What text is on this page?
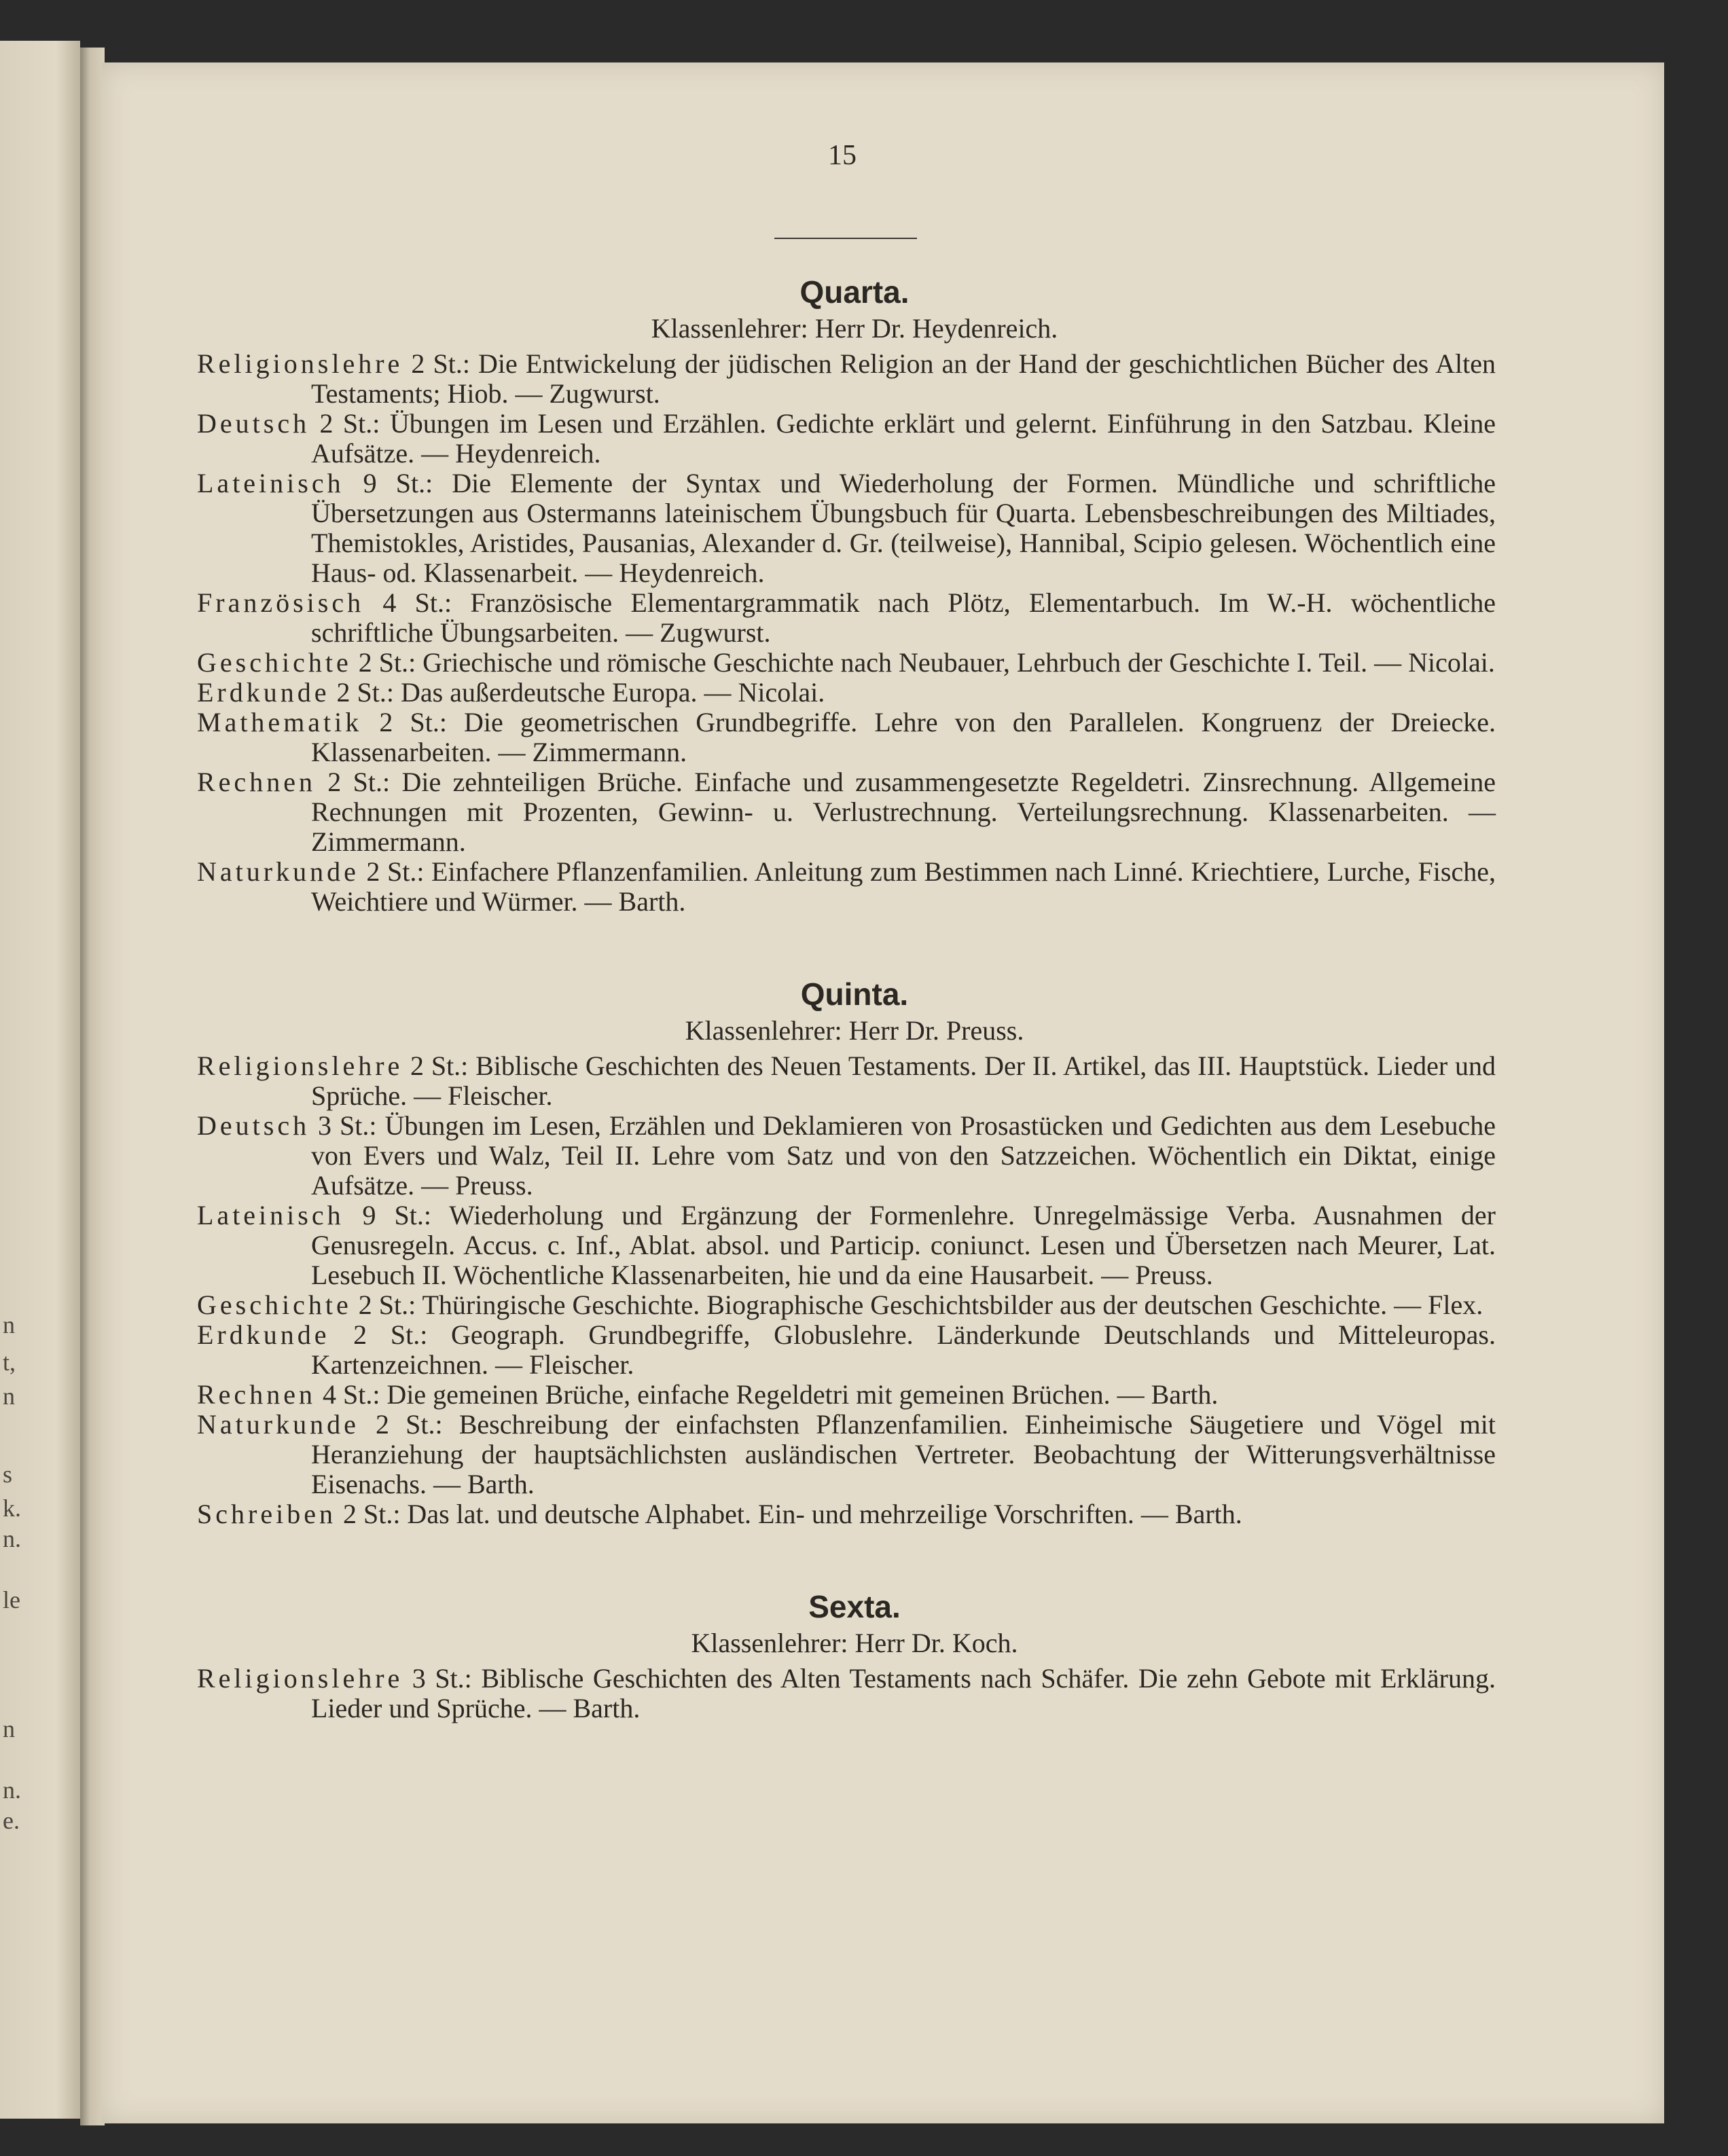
n
t,
n
s
k.
n.
le
n
n.
e.
15
Quarta.

Klassenlehrer: Herr Dr. Heydenreich.

Religionslehre 2 St.: Die Entwickelung der jüdischen Religion an der Hand der geschichtlichen Bücher des Alten Testaments; Hiob. — Zugwurst.

Deutsch 2 St.: Übungen im Lesen und Erzählen. Gedichte erklärt und gelernt. Einführung in den Satzbau. Kleine Aufsätze. — Heydenreich.

Lateinisch 9 St.: Die Elemente der Syntax und Wiederholung der Formen. Mündliche und schriftliche Übersetzungen aus Ostermanns lateinischem Übungsbuch für Quarta. Lebensbeschreibungen des Miltiades, Themistokles, Aristides, Pausanias, Alexander d. Gr. (teilweise), Hannibal, Scipio gelesen. Wöchentlich eine Haus- od. Klassenarbeit. — Heydenreich.

Französisch 4 St.: Französische Elementargrammatik nach Plötz, Elementarbuch. Im W.-H. wöchentliche schriftliche Übungsarbeiten. — Zugwurst.

Geschichte 2 St.: Griechische und römische Geschichte nach Neubauer, Lehrbuch der Geschichte I. Teil. — Nicolai.

Erdkunde 2 St.: Das außerdeutsche Europa. — Nicolai.

Mathematik 2 St.: Die geometrischen Grundbegriffe. Lehre von den Parallelen. Kongruenz der Dreiecke. Klassenarbeiten. — Zimmermann.

Rechnen 2 St.: Die zehnteiligen Brüche. Einfache und zusammengesetzte Regeldetri. Zinsrechnung. Allgemeine Rechnungen mit Prozenten, Gewinn- u. Verlustrechnung. Verteilungsrechnung. Klassenarbeiten. — Zimmermann.

Naturkunde 2 St.: Einfachere Pflanzenfamilien. Anleitung zum Bestimmen nach Linné. Kriechtiere, Lurche, Fische, Weichtiere und Würmer. — Barth.

Quinta.

Klassenlehrer: Herr Dr. Preuss.

Religionslehre 2 St.: Biblische Geschichten des Neuen Testaments. Der II. Artikel, das III. Hauptstück. Lieder und Sprüche. — Fleischer.

Deutsch 3 St.: Übungen im Lesen, Erzählen und Deklamieren von Prosastücken und Gedichten aus dem Lesebuche von Evers und Walz, Teil II. Lehre vom Satz und von den Satzzeichen. Wöchentlich ein Diktat, einige Aufsätze. — Preuss.

Lateinisch 9 St.: Wiederholung und Ergänzung der Formenlehre. Unregelmässige Verba. Ausnahmen der Genusregeln. Accus. c. Inf., Ablat. absol. und Particip. coniunct. Lesen und Übersetzen nach Meurer, Lat. Lesebuch II. Wöchentliche Klassenarbeiten, hie und da eine Hausarbeit. — Preuss.

Geschichte 2 St.: Thüringische Geschichte. Biographische Geschichtsbilder aus der deutschen Geschichte. — Flex.

Erdkunde 2 St.: Geograph. Grundbegriffe, Globuslehre. Länderkunde Deutschlands und Mitteleuropas. Kartenzeichnen. — Fleischer.

Rechnen 4 St.: Die gemeinen Brüche, einfache Regeldetri mit gemeinen Brüchen. — Barth.

Naturkunde 2 St.: Beschreibung der einfachsten Pflanzenfamilien. Einheimische Säugetiere und Vögel mit Heranziehung der hauptsächlichsten ausländischen Vertreter. Beobachtung der Witterungsverhältnisse Eisenachs. — Barth.

Schreiben 2 St.: Das lat. und deutsche Alphabet. Ein- und mehrzeilige Vorschriften. — Barth.

Sexta.

Klassenlehrer: Herr Dr. Koch.

Religionslehre 3 St.: Biblische Geschichten des Alten Testaments nach Schäfer. Die zehn Gebote mit Erklärung. Lieder und Sprüche. — Barth.
